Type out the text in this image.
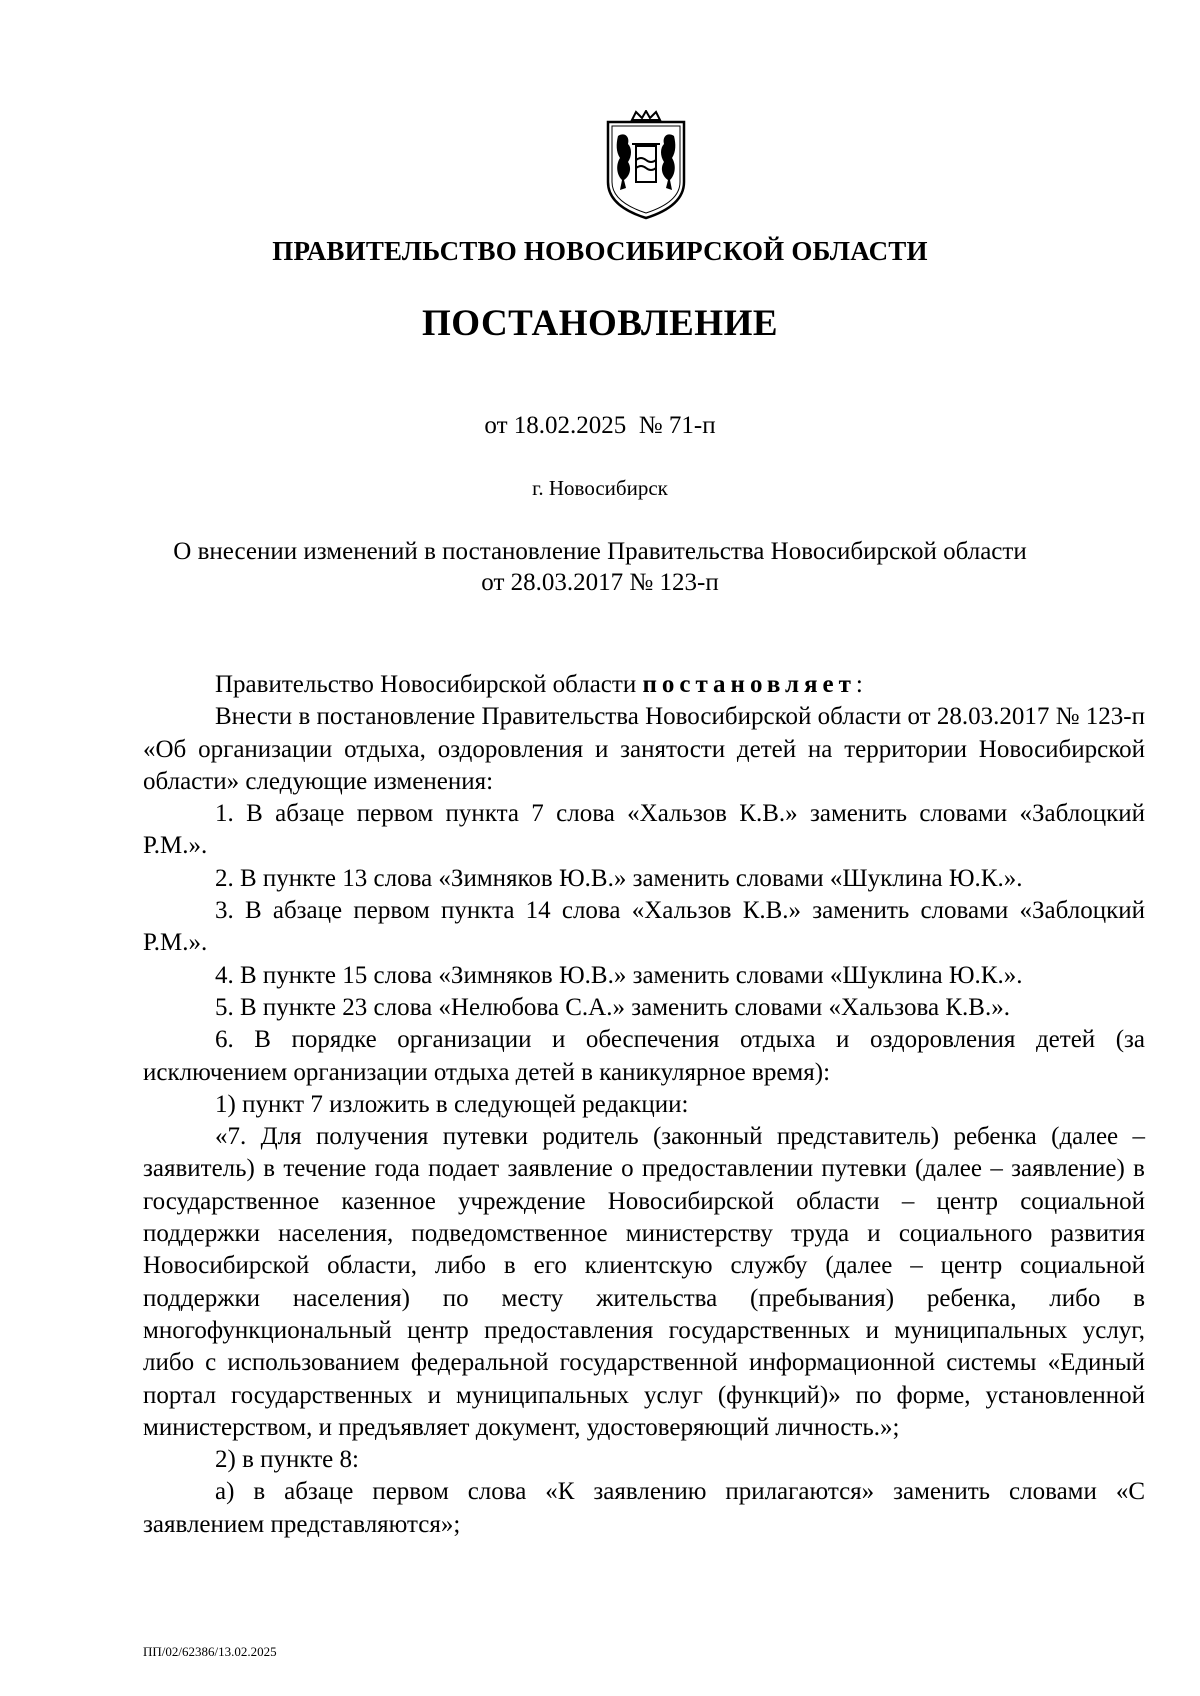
ПРАВИТЕЛЬСТВО НОВОСИБИРСКОЙ ОБЛАСТИ
ПОСТАНОВЛЕНИЕ
от 18.02.2025  № 71-п
г. Новосибирск
О внесении изменений в постановление Правительства Новосибирской области
от 28.03.2017 № 123-п

Правительство Новосибирской области постановляет:

Внести в постановление Правительства Новосибирской области от 28.03.2017 № 123-п «Об организации отдыха, оздоровления и занятости детей на территории Новосибирской области» следующие изменения:

1. В абзаце первом пункта 7 слова «Хальзов К.В.» заменить словами «Заблоцкий Р.М.».

2. В пункте 13 слова «Зимняков Ю.В.» заменить словами «Шуклина Ю.К.».

3. В абзаце первом пункта 14 слова «Хальзов К.В.» заменить словами «Заблоцкий Р.М.».

4. В пункте 15 слова «Зимняков Ю.В.» заменить словами «Шуклина Ю.К.».

5. В пункте 23 слова «Нелюбова С.А.» заменить словами «Хальзова К.В.».

6. В порядке организации и обеспечения отдыха и оздоровления детей (за исключением организации отдыха детей в каникулярное время):

1) пункт 7 изложить в следующей редакции:

«7. Для получения путевки родитель (законный представитель) ребенка (далее – заявитель) в течение года подает заявление о предоставлении путевки (далее – заявление) в государственное казенное учреждение Новосибирской области – центр социальной поддержки населения, подведомственное министерству труда и социального развития Новосибирской области, либо в его клиентскую службу (далее – центр социальной поддержки населения) по месту жительства (пребывания) ребенка, либо в многофункциональный центр предоставления государственных и муниципальных услуг, либо с использованием федеральной государственной информационной системы «Единый портал государственных и муниципальных услуг (функций)» по форме, установленной министерством, и предъявляет документ, удостоверяющий личность.»;

2) в пункте 8:

а) в абзаце первом слова «К заявлению прилагаются» заменить словами «С заявлением представляются»;

ПП/02/62386/13.02.2025
